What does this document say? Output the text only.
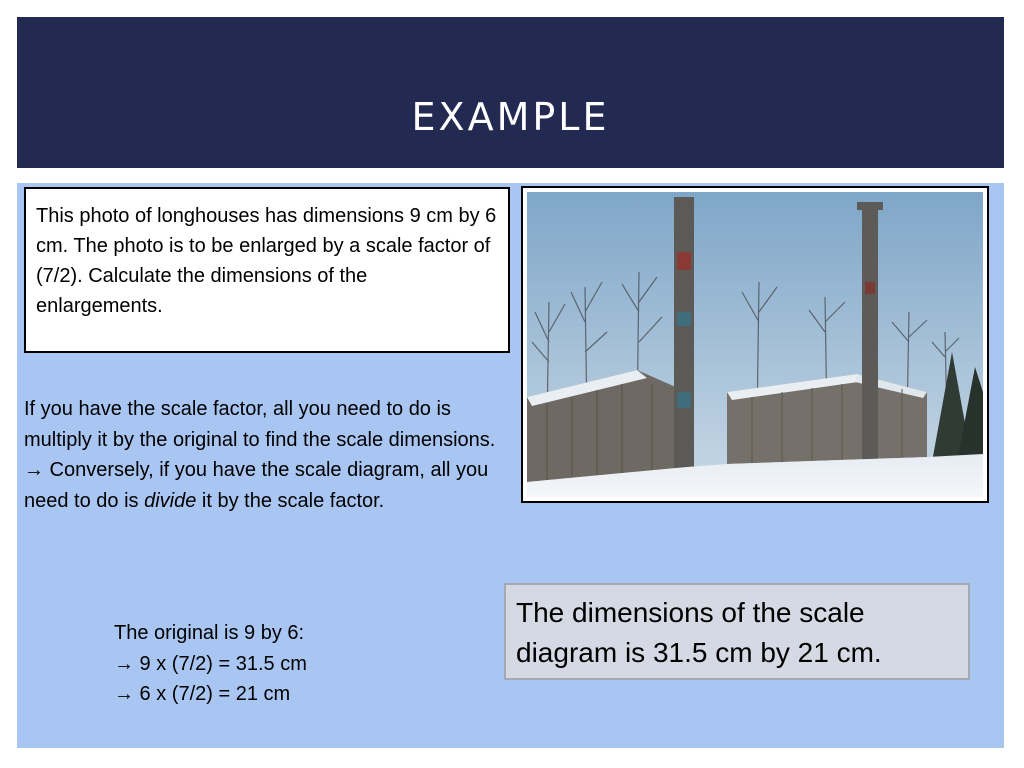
EXAMPLE
This photo of longhouses has dimensions 9 cm by 6 cm. The photo is to be enlarged by a scale factor of (7/2). Calculate the dimensions of the enlargements.

If you have the scale factor, all you need to do is multiply it by the original to find the scale dimensions.

→ Conversely, if you have the scale diagram, all you need to do is divide it by the scale factor.

The original is 9 by 6:

→ 9 x (7/2) = 31.5 cm

→ 6 x (7/2) = 21 cm

The dimensions of the scale diagram is 31.5 cm by 21 cm.
